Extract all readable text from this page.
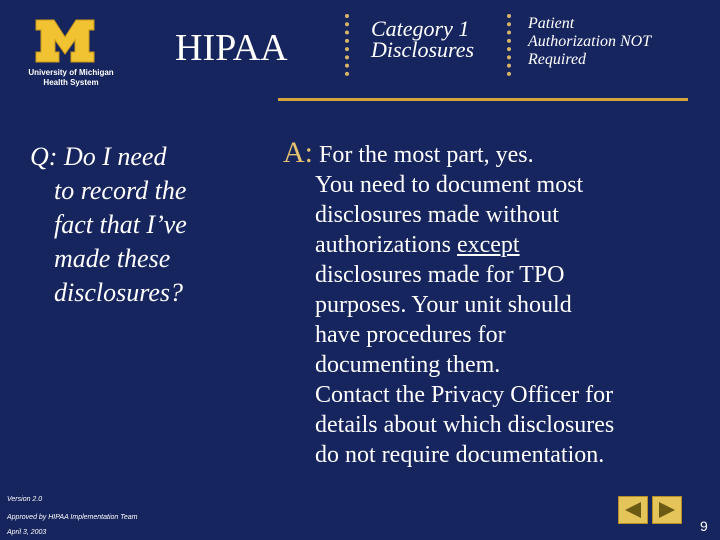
University of Michigan
Health System
HIPAA	Category 1
Disclosures
Patient
Authorization NOT
Required
Q: Do I need
to record the
fact that I’ve
made these
disclosures?
A: For the most part, yes.
You need to document most
disclosures made without
authorizations except
disclosures made for TPO
purposes. Your unit should
have procedures for
documenting them.
Contact the Privacy Officer for
details about which disclosures
do not require documentation.
Version 2.0
Approved by HIPAA Implementation Team
April 3, 2003	9
